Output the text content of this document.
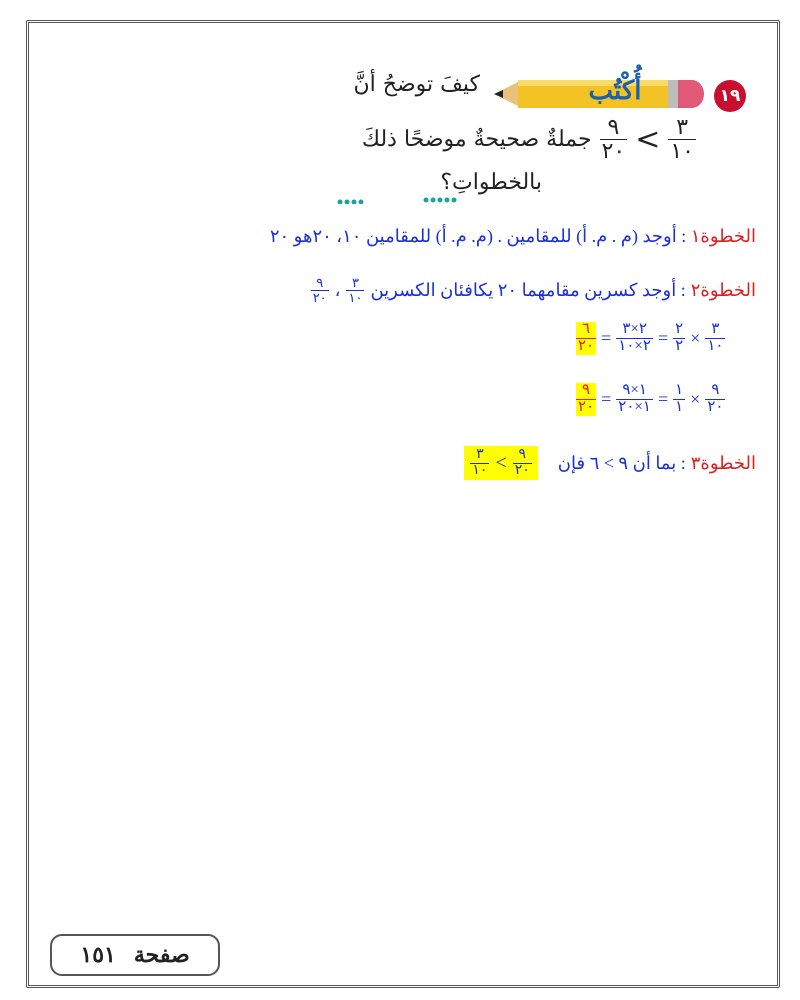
١٩
أُكْتُب
كيفَ توضحُ أنَّ
$\frac{٣}{١٠}$
>
$\frac{٩}{٢٠}$
جملةٌ صحيحةٌ موضحًا ذلكَ
بالخطواتِ؟
الخطوة١ : أوجد (م . م. أ) للمقامين . (م. م. أ) للمقامين ١٠، ٢٠هو ٢٠
الخطوة٢
: أوجد كسرين مقامهما ٢٠ يكافئان الكسرين
$\frac{٣}{١٠}$
،
$\frac{٩}{٢٠}$
$\frac{٦}{٢٠} = \frac{٢\times ٣}{٢\times ١٠} = \frac{٢}{٢} \times \frac{٣}{١٠}$
$\frac{٩}{٢٠} = \frac{١\times ٩}{١\times ٢٠} = \frac{١}{١} \times \frac{٩}{٢٠}$
الخطوة٣
: بما أن ٩ > ٦ فإن
$\frac{٣}{١٠} < \frac{٩}{٢٠}$
صفحة
١٥١
